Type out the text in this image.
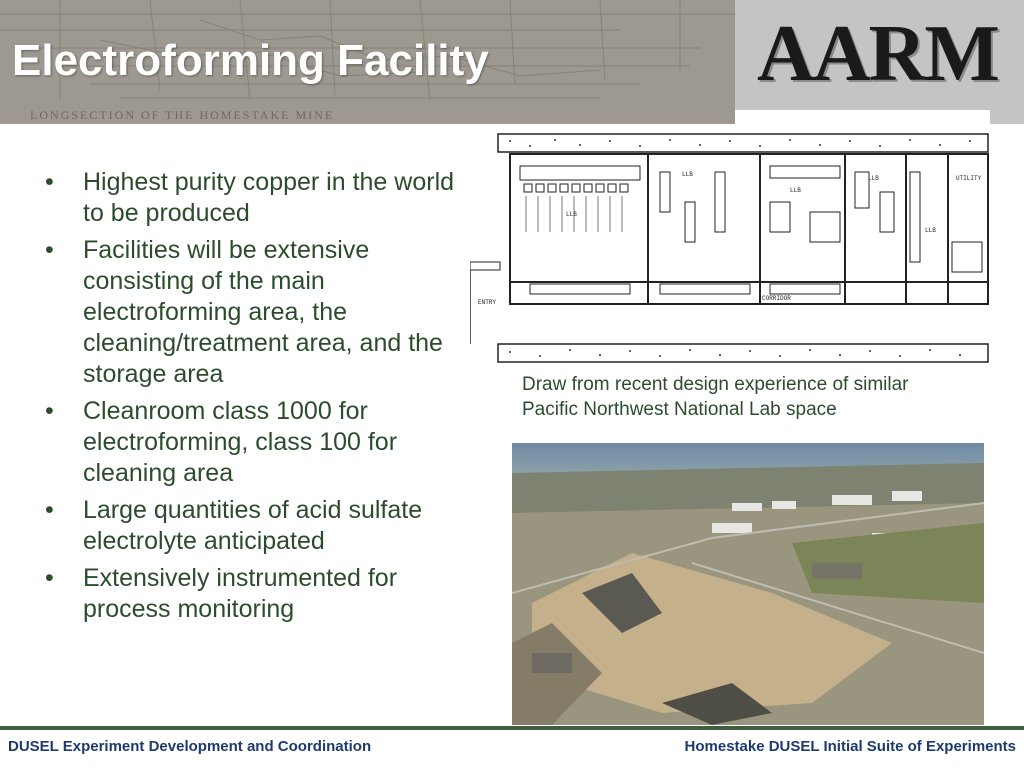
LONGSECTION OF THE HOMESTAKE MINE
Electroforming Facility	AARM
• Highest purity copper in the world to be produced
• Facilities will be extensive consisting of the main electroforming area, the cleaning/treatment area, and the storage area
• Cleanroom class 1000 for electroforming, class 100 for cleaning area
• Large quantities of acid sulfate electrolyte anticipated
• Extensively instrumented for process monitoring
LLB
LLB
LLB
LLB
LLB
UTILITY
ENTRY
CORRIDOR
Draw from recent design experience of similar
Pacific Northwest National Lab space
DUSEL Experiment Development and Coordination	Homestake DUSEL Initial Suite of Experiments
